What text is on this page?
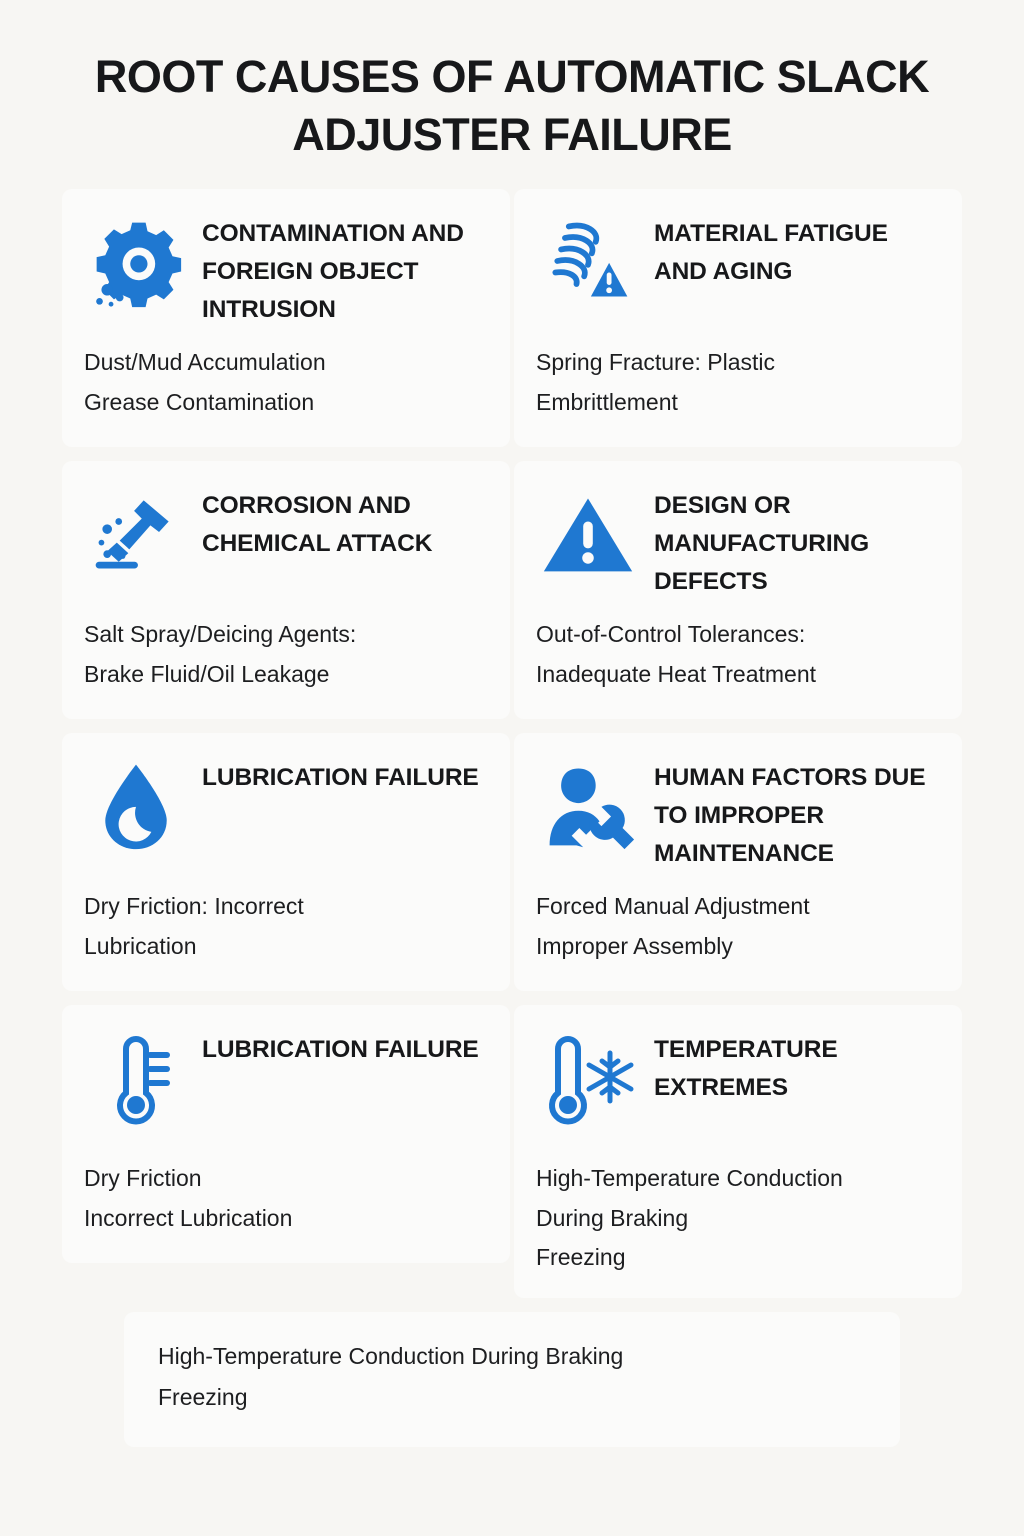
ROOT CAUSES OF AUTOMATIC SLACK ADJUSTER FAILURE
CONTAMINATION AND FOREIGN OBJECT INTRUSION
Dust/Mud Accumulation
Grease Contamination
MATERIAL FATIGUE AND AGING
Spring Fracture: Plastic
Embrittlement
CORROSION AND CHEMICAL ATTACK
Salt Spray/Deicing Agents:
Brake Fluid/Oil Leakage
DESIGN OR MANUFACTURING DEFECTS
Out-of-Control Tolerances:
Inadequate Heat Treatment
LUBRICATION FAILURE
Dry Friction: Incorrect
Lubrication
HUMAN FACTORS DUE TO IMPROPER MAINTENANCE
Forced Manual Adjustment
Improper Assembly
LUBRICATION FAILURE
Dry Friction
Incorrect Lubrication
TEMPERATURE EXTREMES
High-Temperature Conduction
During Braking
Freezing
High-Temperature Conduction During Braking
Freezing
